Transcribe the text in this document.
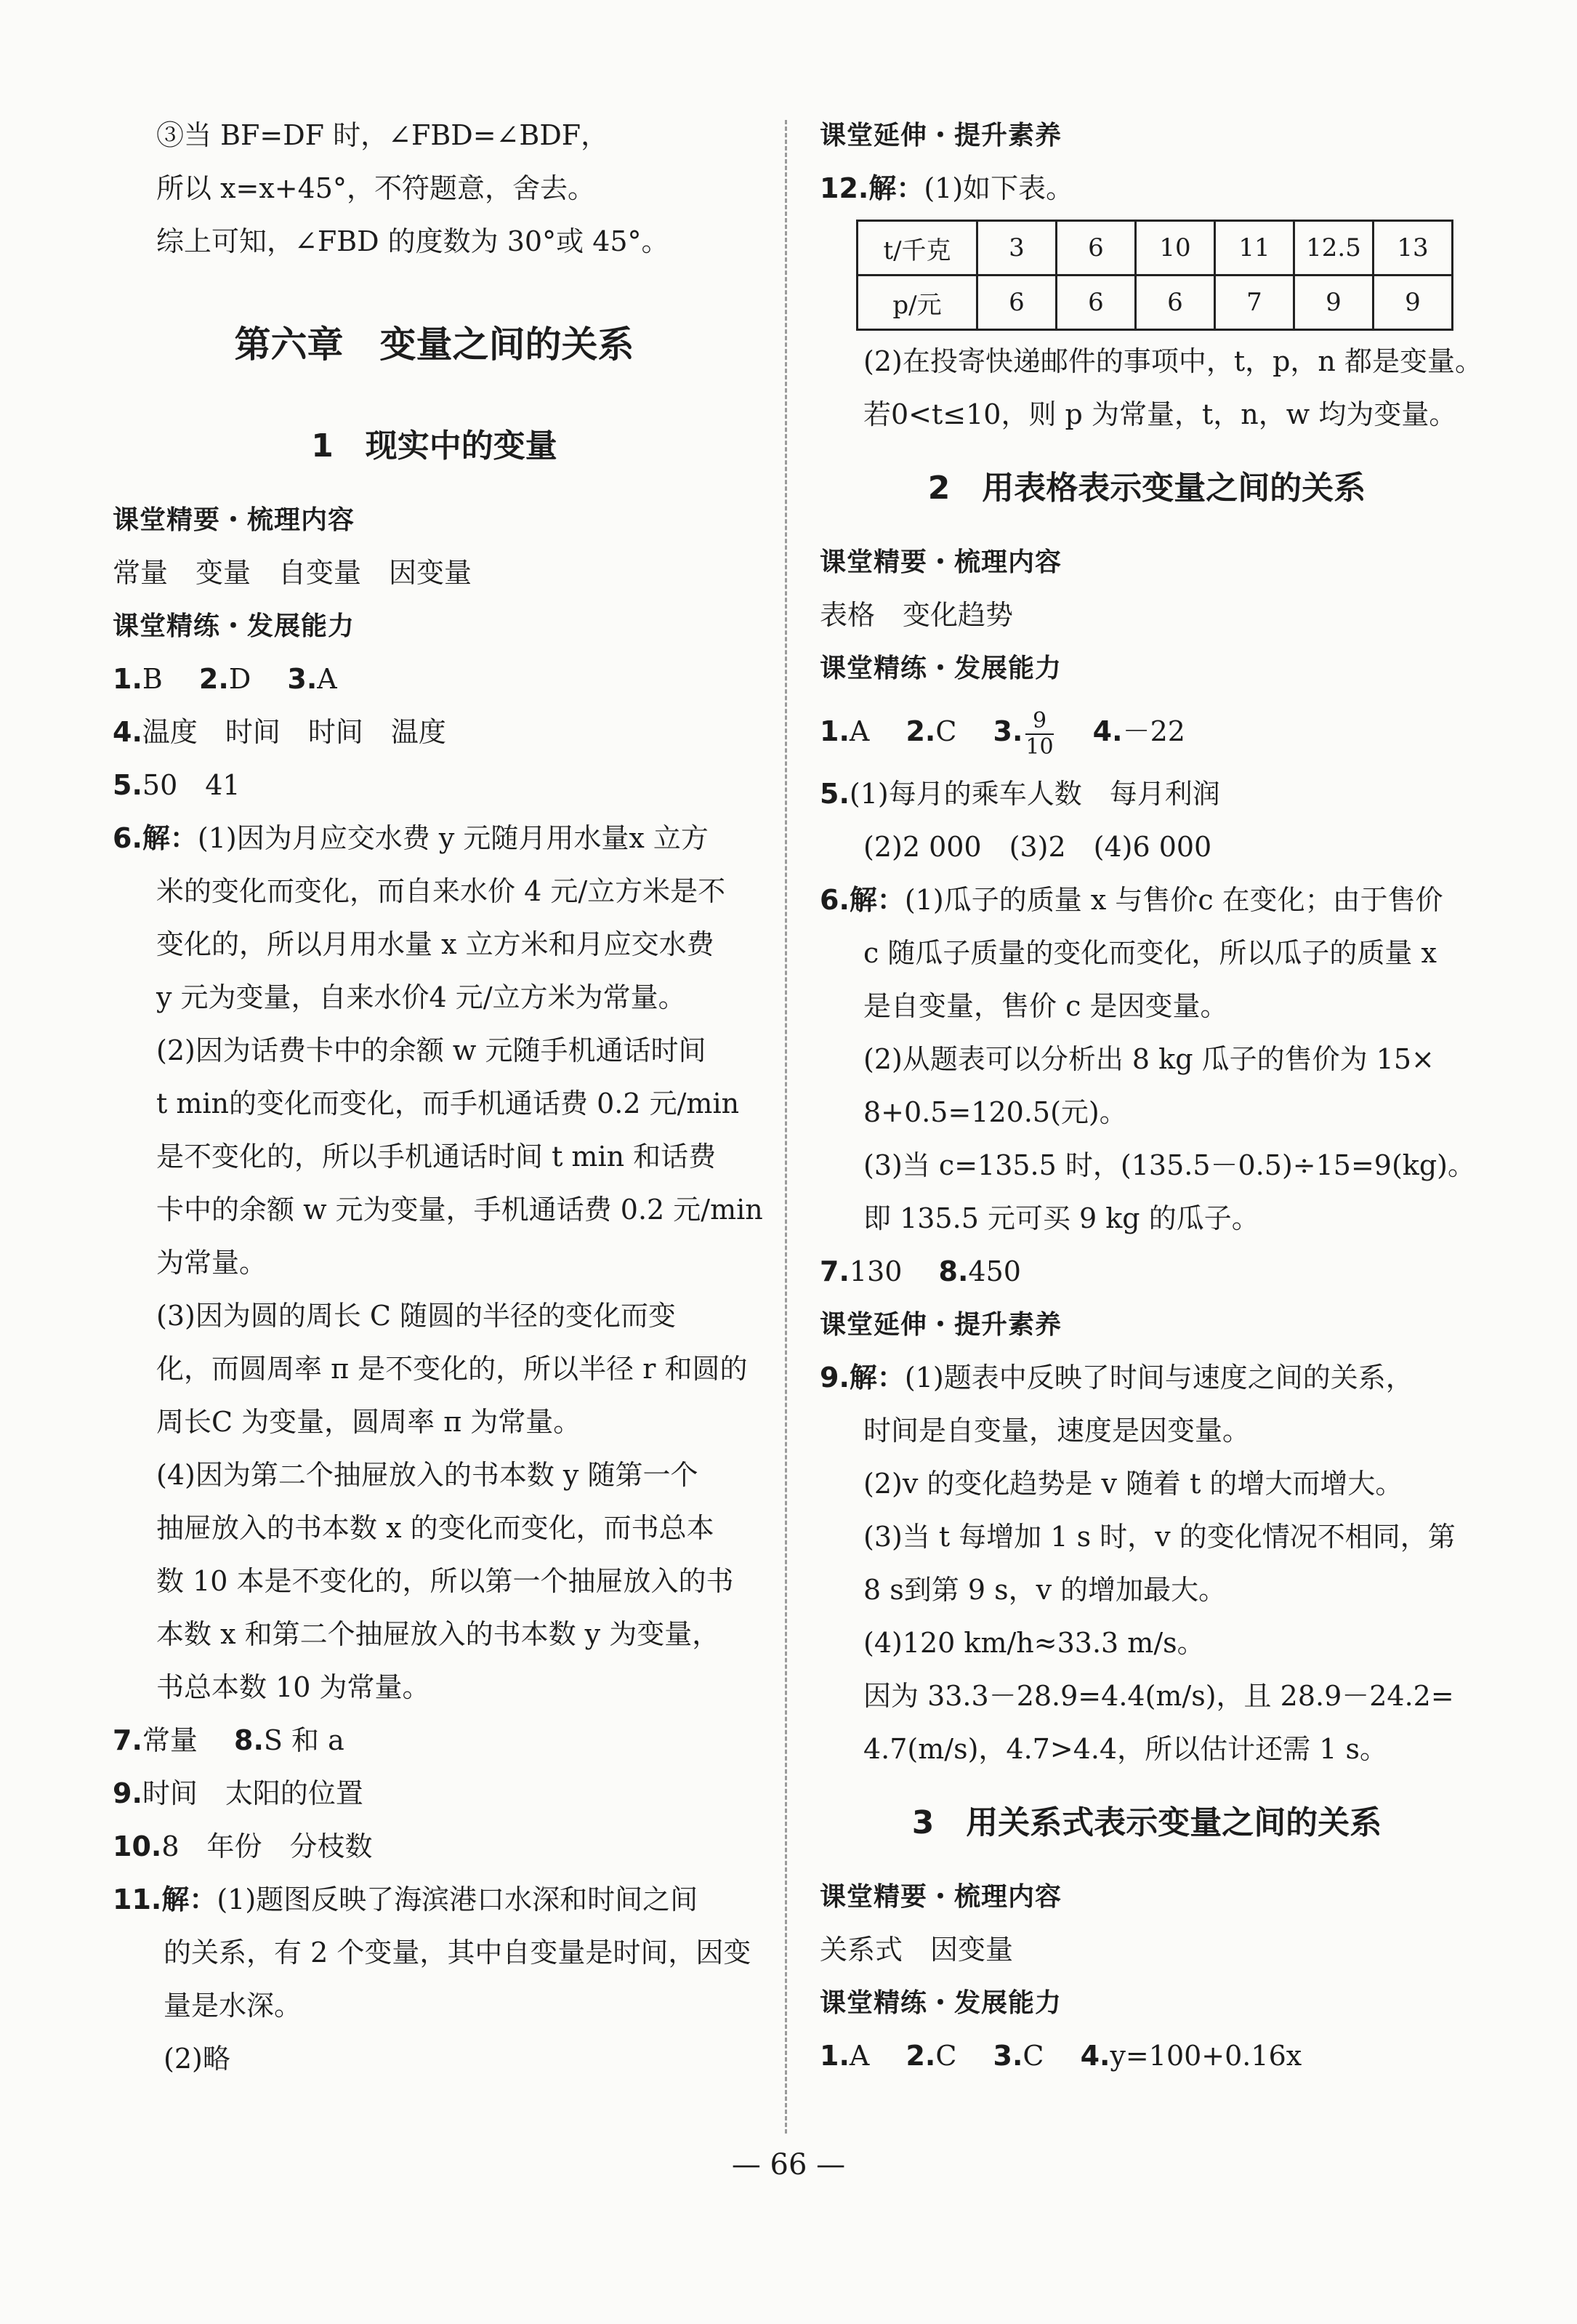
③当 BF=DF 时，∠FBD=∠BDF，
所以 x=x+45°，不符题意，舍去。
综上可知，∠FBD 的度数为 30°或 45°。
第六章　变量之间的关系
1　现实中的变量
课堂精要・梳理内容
常量　变量　自变量　因变量
课堂精练・发展能力
1.B　 2.D　 3.A
4.温度　时间　时间　温度
5.50　41
6.解：(1)因为月应交水费 y 元随月用水量x 立方
米的变化而变化，而自来水价 4 元/立方米是不
变化的，所以月用水量 x 立方米和月应交水费
y 元为变量，自来水价4 元/立方米为常量。
(2)因为话费卡中的余额 w 元随手机通话时间
t min的变化而变化，而手机通话费 0.2 元/min
是不变化的，所以手机通话时间 t min 和话费
卡中的余额 w 元为变量，手机通话费 0.2 元/min
为常量。
(3)因为圆的周长 C 随圆的半径的变化而变
化，而圆周率 π 是不变化的，所以半径 r 和圆的
周长C 为变量，圆周率 π 为常量。
(4)因为第二个抽屉放入的书本数 y 随第一个
抽屉放入的书本数 x 的变化而变化，而书总本
数 10 本是不变化的，所以第一个抽屉放入的书
本数 x 和第二个抽屉放入的书本数 y 为变量，
书总本数 10 为常量。
7.常量　 8.S 和 a
9.时间　太阳的位置
10.8　年份　分枝数
11.解：(1)题图反映了海滨港口水深和时间之间
的关系，有 2 个变量，其中自变量是时间，因变
量是水深。
(2)略
课堂延伸・提升素养
12.解：(1)如下表。
t/千克	3	6	10	11	12.5	13
p/元	6	6	6	7	9	9
(2)在投寄快递邮件的事项中，t，p，n 都是变量。
若0<t≤10，则 p 为常量，t，n，w 均为变量。
2　用表格表示变量之间的关系
课堂精要・梳理内容
表格　变化趋势
课堂精练・发展能力
1.A　 2.C　 3. $\frac{9}{10}$
　 4.－22
5.(1)每月的乘车人数　每月利润
(2)2 000　(3)2　(4)6 000
6.解：(1)瓜子的质量 x 与售价c 在变化；由于售价
c 随瓜子质量的变化而变化，所以瓜子的质量 x
是自变量，售价 c 是因变量。
(2)从题表可以分析出 8 kg 瓜子的售价为 15×
8+0.5=120.5(元)。
(3)当 c=135.5 时，(135.5－0.5)÷15=9(kg)。
即 135.5 元可买 9 kg 的瓜子。
7.130　 8.450
课堂延伸・提升素养
9.解：(1)题表中反映了时间与速度之间的关系，
时间是自变量，速度是因变量。
(2)v 的变化趋势是 v 随着 t 的增大而增大。
(3)当 t 每增加 1 s 时，v 的变化情况不相同，第
8 s到第 9 s，v 的增加最大。
(4)120 km/h≈33.3 m/s。
因为 33.3－28.9=4.4(m/s)，且 28.9－24.2=
4.7(m/s)，4.7>4.4，所以估计还需 1 s。
3　用关系式表示变量之间的关系
课堂精要・梳理内容
关系式　因变量
课堂精练・发展能力
1.A　 2.C　 3.C　 4.y=100+0.16x
— 66 —
